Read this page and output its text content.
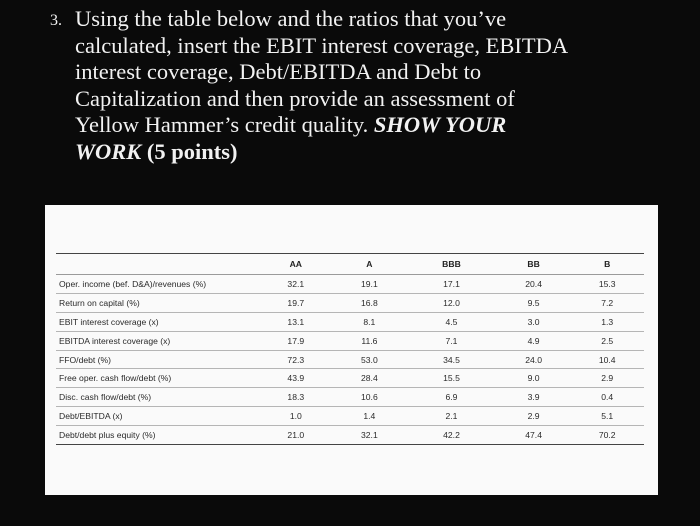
3. Using the table below and the ratios that you’ve
calculated, insert the EBIT interest coverage, EBITDA
interest coverage, Debt/EBITDA and Debt to
Capitalization and then provide an assessment of
Yellow Hammer’s credit quality. SHOW YOUR
WORK (5 points)
	AA	A	BBB	BB	B
Oper. income (bef. D&A)/revenues (%)	32.1	19.1	17.1	20.4	15.3
Return on capital (%)	19.7	16.8	12.0	9.5	7.2
EBIT interest coverage (x)	13.1	8.1	4.5	3.0	1.3
EBITDA interest coverage (x)	17.9	11.6	7.1	4.9	2.5
FFO/debt (%)	72.3	53.0	34.5	24.0	10.4
Free oper. cash flow/debt (%)	43.9	28.4	15.5	9.0	2.9
Disc. cash flow/debt (%)	18.3	10.6	6.9	3.9	0.4
Debt/EBITDA (x)	1.0	1.4	2.1	2.9	5.1
Debt/debt plus equity (%)	21.0	32.1	42.2	47.4	70.2
